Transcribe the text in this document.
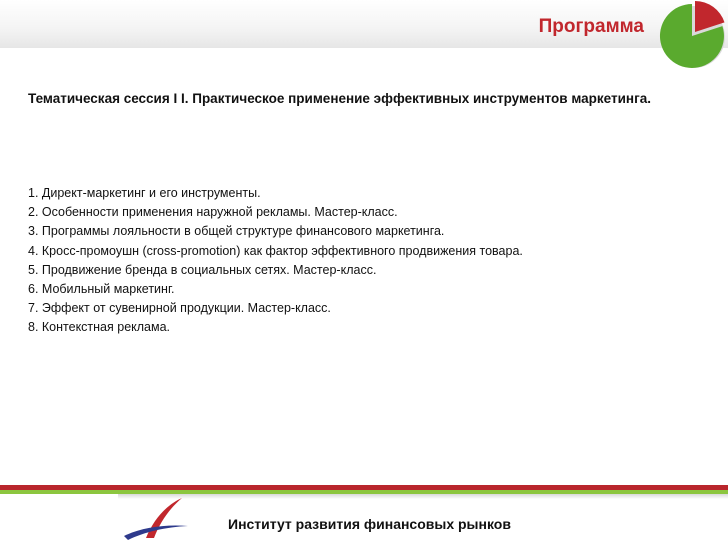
Программа
Тематическая сессия I I. Практическое применение эффективных инструментов маркетинга.
1. Директ-маркетинг и его инструменты.
2. Особенности применения наружной рекламы. Мастер-класс.
3. Программы лояльности в общей структуре финансового маркетинга.
4. Кросс-промоушн (cross-promotion) как фактор эффективного продвижения товара.
5. Продвижение бренда в социальных сетях. Мастер-класс.
6. Мобильный маркетинг.
7. Эффект от сувенирной продукции. Мастер-класс.
8. Контекстная реклама.
Институт развития финансовых рынков
